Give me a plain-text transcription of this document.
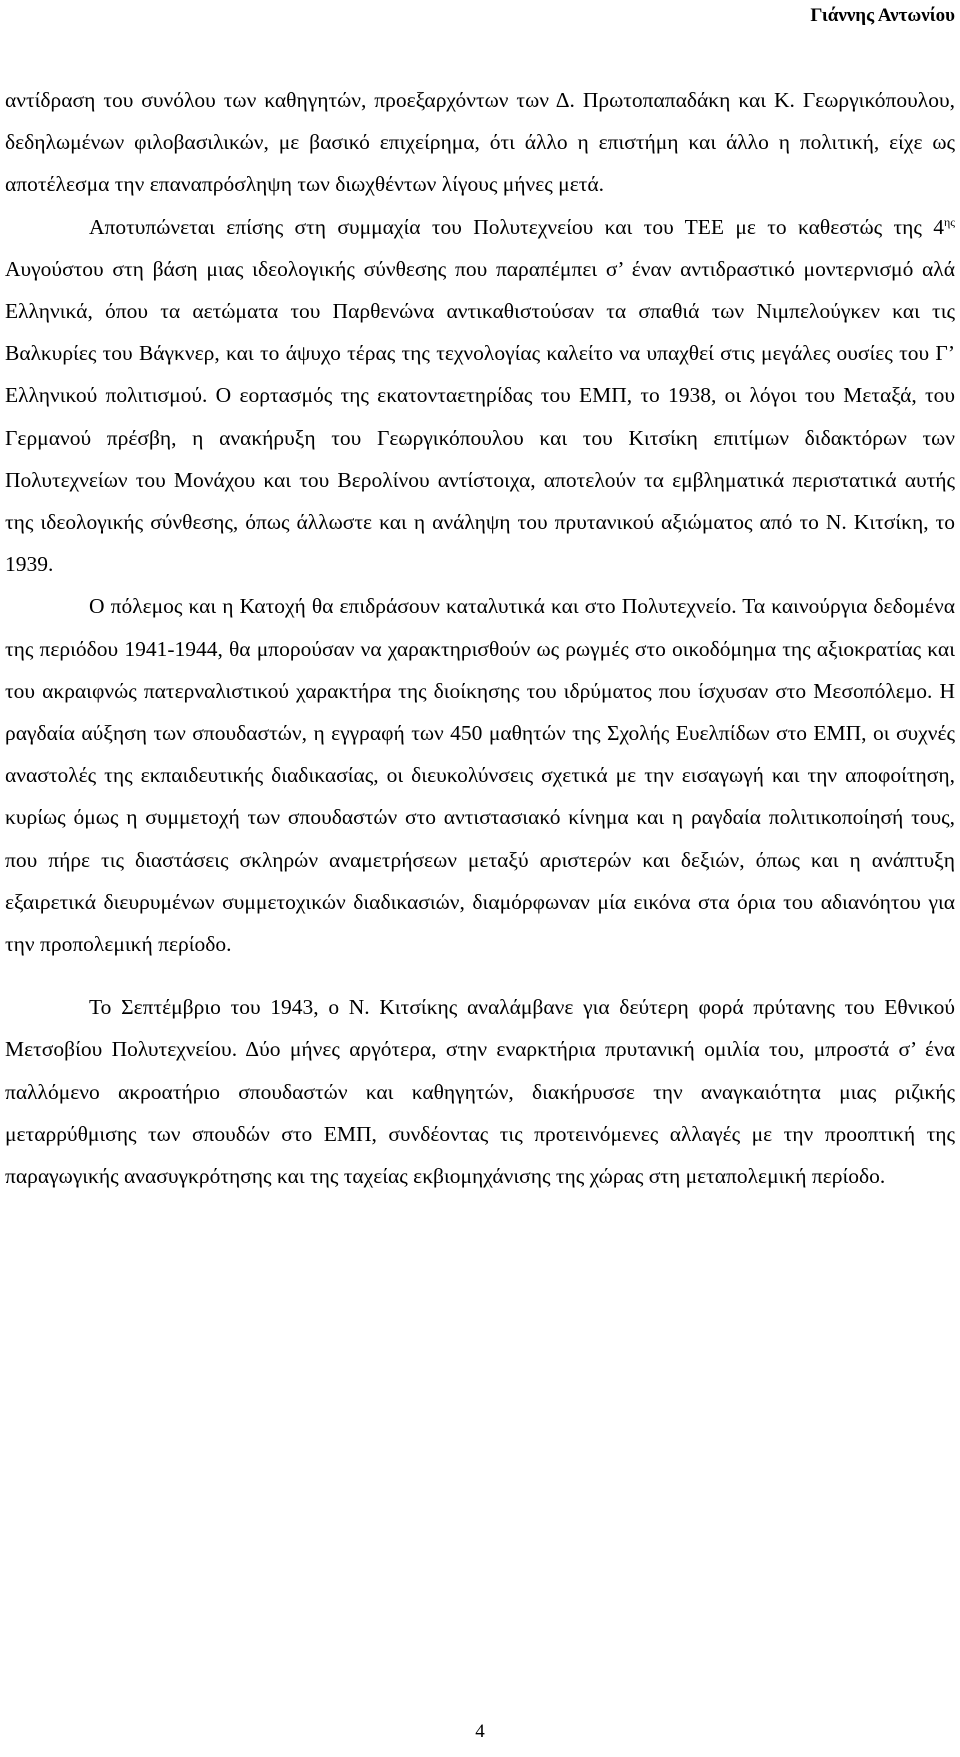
Γιάννης Αντωνίου

αντίδραση του συνόλου των καθηγητών, προεξαρχόντων των Δ. Πρωτοπαπαδάκη και Κ. Γεωργικόπουλου, δεδηλωμένων φιλοβασιλικών, με βασικό επιχείρημα, ότι άλλο η επιστήμη και άλλο η πολιτική, είχε ως αποτέλεσμα την επαναπρόσληψη των διωχθέντων λίγους μήνες μετά.

Αποτυπώνεται επίσης στη συμμαχία του Πολυτεχνείου και του ΤΕΕ με το καθεστώς της $4^{\eta\varsigma}$ Αυγούστου στη βάση μιας ιδεολογικής σύνθεσης που παραπέμπει σ’ έναν αντιδραστικό μοντερνισμό αλά Ελληνικά, όπου τα αετώματα του Παρθενώνα αντικαθιστούσαν τα σπαθιά των Νιμπελούγκεν και τις Βαλκυρίες του Βάγκνερ, και το άψυχο τέρας της τεχνολογίας καλείτο να υπαχθεί στις μεγάλες ουσίες του Γ’ Ελληνικού πολιτισμού. Ο εορτασμός της εκατονταετηρίδας του ΕΜΠ, το 1938, οι λόγοι του Μεταξά, του Γερμανού πρέσβη, η ανακήρυξη του Γεωργικόπουλου και του Κιτσίκη επιτίμων διδακτόρων των Πολυτεχνείων του Μονάχου και του Βερολίνου αντίστοιχα, αποτελούν τα εμβληματικά περιστατικά αυτής της ιδεολογικής σύνθεσης, όπως άλλωστε και η ανάληψη του πρυτανικού αξιώματος από το Ν. Κιτσίκη, το 1939.

Ο πόλεμος και η Κατοχή θα επιδράσουν καταλυτικά και στο Πολυτεχνείο. Τα καινούργια δεδομένα της περιόδου 1941-1944, θα μπορούσαν να χαρακτηρισθούν ως ρωγμές στο οικοδόμημα της αξιοκρατίας και του ακραιφνώς πατερναλιστικού χαρακτήρα της διοίκησης του ιδρύματος που ίσχυσαν στο Μεσοπόλεμο. Η ραγδαία αύξηση των σπουδαστών, η εγγραφή των 450 μαθητών της Σχολής Ευελπίδων στο ΕΜΠ, οι συχνές αναστολές της εκπαιδευτικής διαδικασίας, οι διευκολύνσεις σχετικά με την εισαγωγή και την αποφοίτηση, κυρίως όμως η συμμετοχή των σπουδαστών στο αντιστασιακό κίνημα και η ραγδαία πολιτικοποίησή τους, που πήρε τις διαστάσεις σκληρών αναμετρήσεων μεταξύ αριστερών και δεξιών, όπως και η ανάπτυξη εξαιρετικά διευρυμένων συμμετοχικών διαδικασιών, διαμόρφωναν μία εικόνα στα όρια του αδιανόητου για την προπολεμική περίοδο.

Το Σεπτέμβριο του 1943, ο Ν. Κιτσίκης αναλάμβανε για δεύτερη φορά πρύτανης του Εθνικού Μετσοβίου Πολυτεχνείου. Δύο μήνες αργότερα, στην εναρκτήρια πρυτανική ομιλία του, μπροστά σ’ ένα παλλόμενο ακροατήριο σπουδαστών και καθηγητών, διακήρυσσε την αναγκαιότητα μιας ριζικής μεταρρύθμισης των σπουδών στο ΕΜΠ, συνδέοντας τις προτεινόμενες αλλαγές με την προοπτική της παραγωγικής ανασυγκρότησης και της ταχείας εκβιομηχάνισης της χώρας στη μεταπολεμική περίοδο.

4
